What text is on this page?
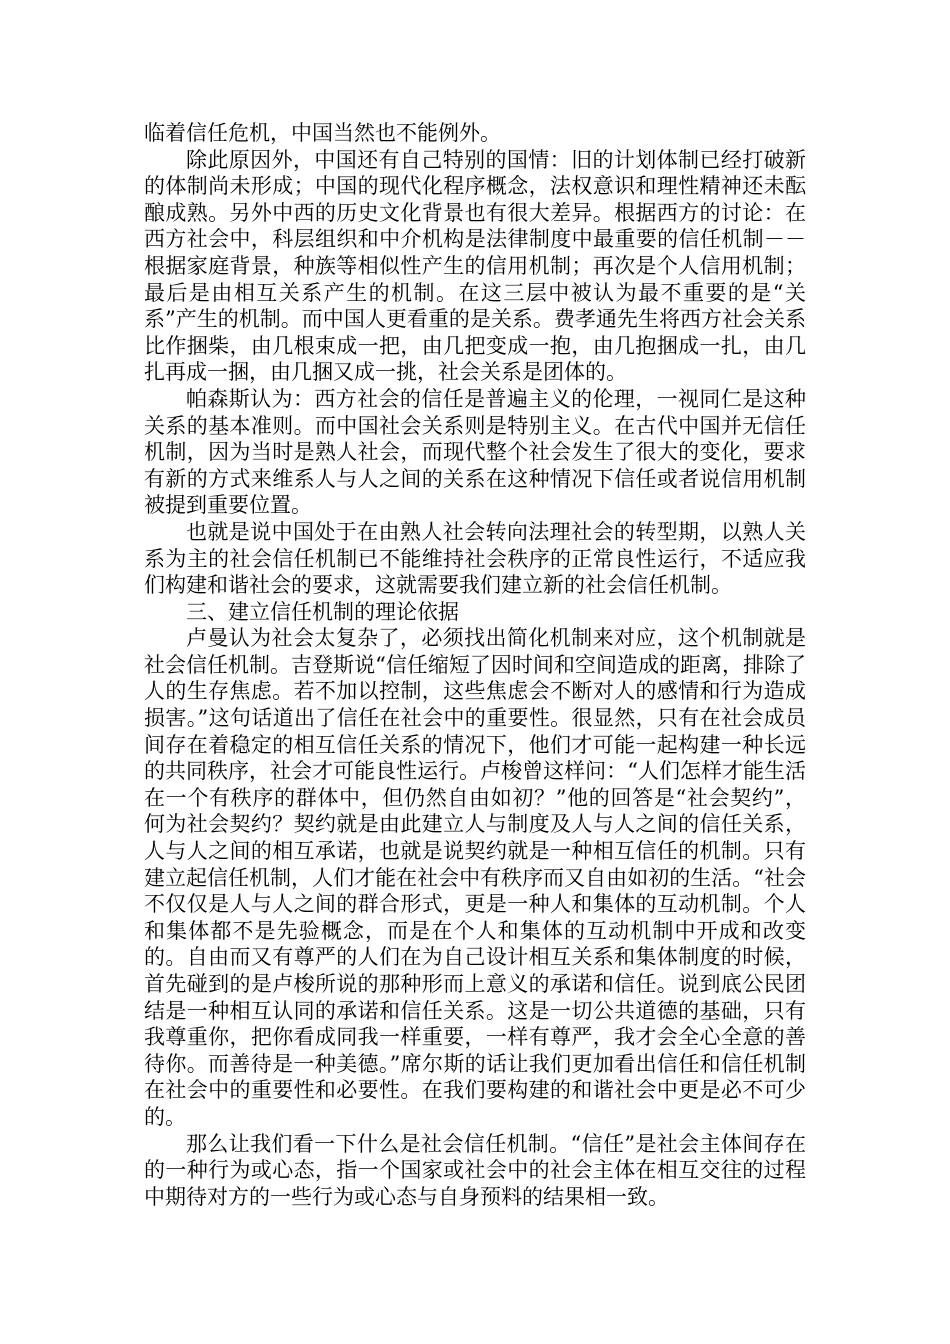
临着信任危机，中国当然也不能例外。

除此原因外，中国还有自己特别的国情：旧的计划体制已经打破新的体制尚未形成；中国的现代化程序概念，法权意识和理性精神还未酝酿成熟。另外中西的历史文化背景也有很大差异。根据西方的讨论：在西方社会中，科层组织和中介机构是法律制度中最重要的信任机制－－根据家庭背景，种族等相似性产生的信用机制；再次是个人信用机制；最后是由相互关系产生的机制。在这三层中被认为最不重要的是“关系”产生的机制。而中国人更看重的是关系。费孝通先生将西方社会关系比作捆柴，由几根束成一把，由几把变成一抱，由几抱捆成一扎，由几扎再成一捆，由几捆又成一挑，社会关系是团体的。

帕森斯认为：西方社会的信任是普遍主义的伦理，一视同仁是这种关系的基本准则。而中国社会关系则是特别主义。在古代中国并无信任机制，因为当时是熟人社会，而现代整个社会发生了很大的变化，要求有新的方式来维系人与人之间的关系在这种情况下信任或者说信用机制被提到重要位置。

也就是说中国处于在由熟人社会转向法理社会的转型期，以熟人关系为主的社会信任机制已不能维持社会秩序的正常良性运行，不适应我们构建和谐社会的要求，这就需要我们建立新的社会信任机制。

三、建立信任机制的理论依据

卢曼认为社会太复杂了，必须找出简化机制来对应，这个机制就是社会信任机制。吉登斯说“信任缩短了因时间和空间造成的距离，排除了人的生存焦虑。若不加以控制，这些焦虑会不断对人的感情和行为造成损害。”这句话道出了信任在社会中的重要性。很显然，只有在社会成员间存在着稳定的相互信任关系的情况下，他们才可能一起构建一种长远的共同秩序，社会才可能良性运行。卢梭曾这样问：“人们怎样才能生活在一个有秩序的群体中，但仍然自由如初？”他的回答是“社会契约”，何为社会契约？契约就是由此建立人与制度及人与人之间的信任关系，人与人之间的相互承诺，也就是说契约就是一种相互信任的机制。只有建立起信任机制，人们才能在社会中有秩序而又自由如初的生活。“社会不仅仅是人与人之间的群合形式，更是一种人和集体的互动机制。个人和集体都不是先验概念，而是在个人和集体的互动机制中开成和改变的。自由而又有尊严的人们在为自己设计相互关系和集体制度的时候，首先碰到的是卢梭所说的那种形而上意义的承诺和信任。说到底公民团结是一种相互认同的承诺和信任关系。这是一切公共道德的基础，只有我尊重你，把你看成同我一样重要，一样有尊严，我才会全心全意的善待你。而善待是一种美德。”席尔斯的话让我们更加看出信任和信任机制在社会中的重要性和必要性。在我们要构建的和谐社会中更是必不可少的。

那么让我们看一下什么是社会信任机制。“信任”是社会主体间存在的一种行为或心态，指一个国家或社会中的社会主体在相互交往的过程中期待对方的一些行为或心态与自身预料的结果相一致。
